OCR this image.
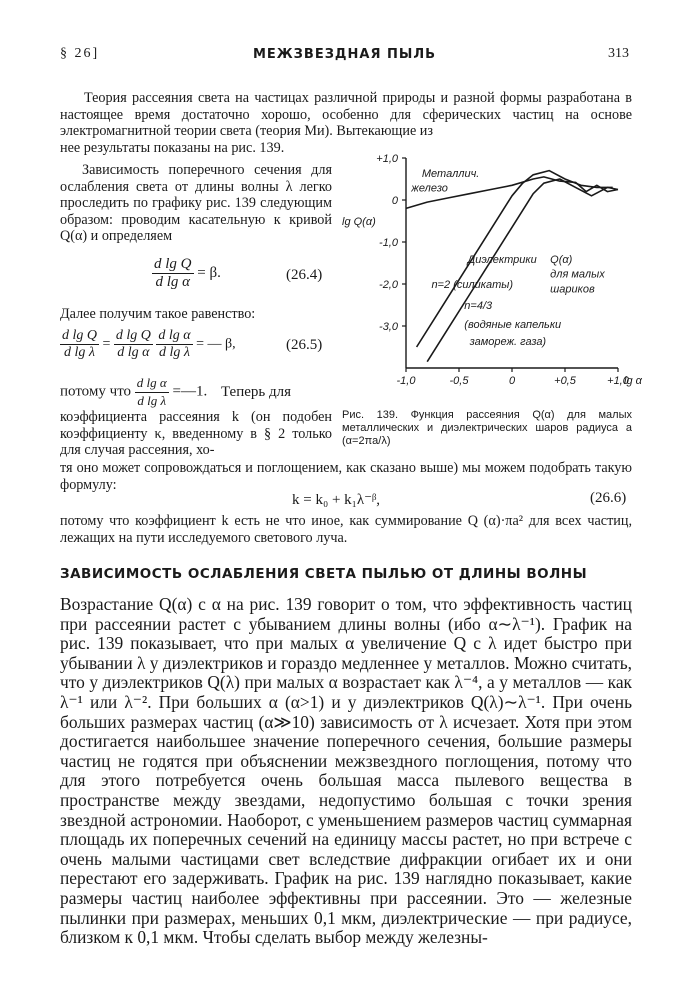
§ 26]	МЕЖЗВЕЗДНАЯ ПЫЛЬ	313
Теория рассеяния света на частицах различной природы и разной формы разработана в настоящее время достаточно хорошо, особенно для сферических частиц на основе электромагнитной теории света (теория Ми). Вытекающие из
нее результаты показаны на рис. 139.

Зависимость поперечного сечения для ослабления света от длины волны λ легко проследить по графику рис. 139 следующим образом: проводим касательную к кривой Q(α) и определяем

$\frac{\text{d lg Q}}{\text{d lg α}} = \beta$.	(26.4)
Далее получим такое равенство:
$\frac{\text{d lg Q}}{\text{d lg λ}} = \frac{\text{d lg Q}}{\text{d lg α}}$
$\frac{\text{d lg α}}{\text{d lg λ}}$ = — β,	(26.5)
потому что $\frac{\text{d lg α}}{\text{d lg λ}}$ =—1. Теперь для
коэффициента рассеяния k (он подобен коэффициенту κ, введенному в § 2 только для случая рассеяния, хо-
+1,0
0
-1,0
-2,0
-3,0
-1,0	-0,5	0	+0,5	+1,0
lg α
lg Q(α)
Металлич.
железо
Диэлектрики
n=2 (силикаты)
n=4/3
(водяные капельки
замореж. газа)
Q(α)
для малых
шариков
Рис. 139. Функция рассеяния Q(α) для малых металлических и диэлектрических шаров радиуса a (α=2πa/λ)
тя оно может сопровождаться и поглощением, как сказано выше) мы можем подобрать такую формулу:
k = k₀ + k₁λ⁻ᵝ,	(26.6)
потому что коэффициент k есть не что иное, как суммирование Q (α)·πa² для всех частиц, лежащих на пути исследуемого светового луча.
ЗАВИСИМОСТЬ ОСЛАБЛЕНИЯ СВЕТА ПЫЛЬЮ ОТ ДЛИНЫ ВОЛНЫ
Возрастание Q(α) с α на рис. 139 говорит о том, что эффективность частиц при рассеянии растет с убыванием длины волны (ибо α∼λ⁻¹). График на рис. 139 показывает, что при малых α увеличение Q с λ идет быстро при убывании λ у диэлектриков и гораздо медленнее у металлов. Можно считать, что у диэлектриков Q(λ) при малых α возрастает как λ⁻⁴, а у металлов — как λ⁻¹ или λ⁻². При больших α (α>1) и у диэлектриков Q(λ)∼λ⁻¹. При очень больших размерах частиц (α≫10) зависимость от λ исчезает. Хотя при этом достигается наибольшее значение поперечного сечения, большие размеры частиц не годятся при объяснении межзвездного поглощения, потому что для этого потребуется очень большая масса пылевого вещества в пространстве между звездами, недопустимо большая с точки зрения звездной астрономии. Наоборот, с уменьшением размеров частиц суммарная площадь их поперечных сечений на единицу массы растет, но при встрече с очень малыми частицами свет вследствие дифракции огибает их и они перестают его задерживать. График на рис. 139 наглядно показывает, какие размеры частиц наиболее эффективны при рассеянии. Это — железные пылинки при размерах, меньших 0,1 мкм, диэлектрические — при радиусе, близком к 0,1 мкм. Чтобы сделать выбор между железны-
